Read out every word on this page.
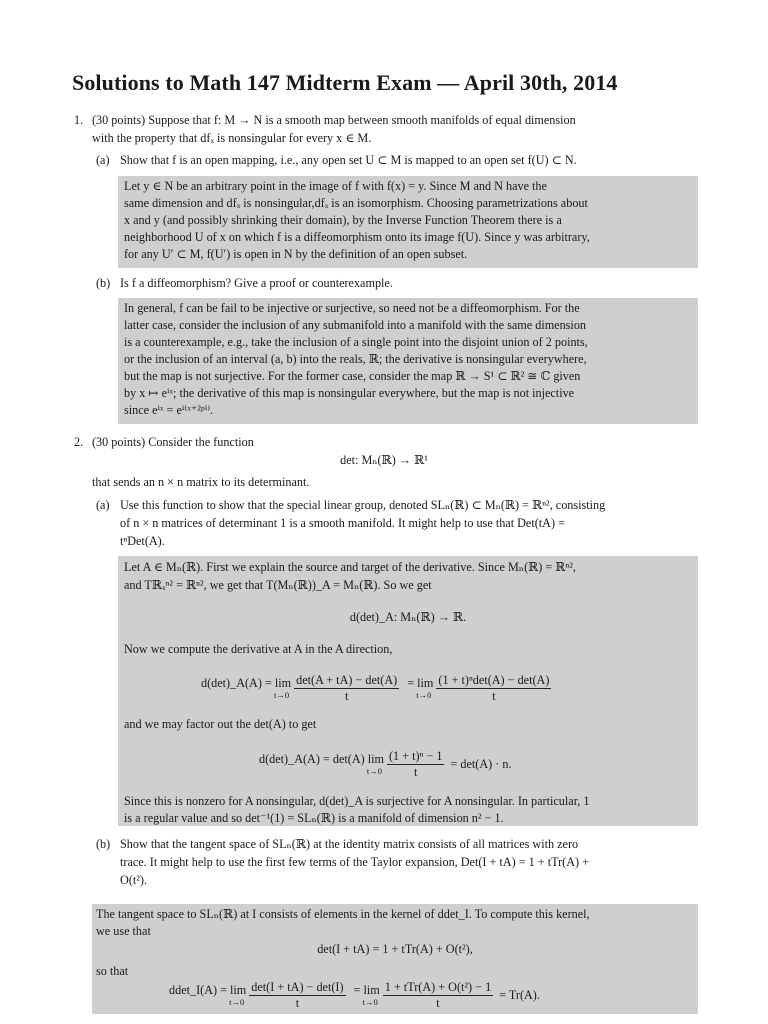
Solutions to Math 147 Midterm Exam — April 30th, 2014
1. (30 points) Suppose that f: M → N is a smooth map between smooth manifolds of equal dimension
with the property that dfₓ is nonsingular for every x ∈ M.
(a) Show that f is an open mapping, i.e., any open set U ⊂ M is mapped to an open set f(U) ⊂ N.
Let y ∈ N be an arbitrary point in the image of f with f(x) = y. Since M and N have the
same dimension and dfₓ is nonsingular,dfₓ is an isomorphism. Choosing parametrizations about
x and y (and possibly shrinking their domain), by the Inverse Function Theorem there is a
neighborhood U of x on which f is a diffeomorphism onto its image f(U). Since y was arbitrary,
for any U′ ⊂ M, f(U′) is open in N by the definition of an open subset.
(b) Is f a diffeomorphism? Give a proof or counterexample.
In general, f can be fail to be injective or surjective, so need not be a diffeomorphism. For the
latter case, consider the inclusion of any submanifold into a manifold with the same dimension
is a counterexample, e.g., take the inclusion of a single point into the disjoint union of 2 points,
or the inclusion of an interval (a, b) into the reals, ℝ; the derivative is nonsingular everywhere,
but the map is not surjective. For the former case, consider the map ℝ → S¹ ⊂ ℝ² ≅ ℂ given
by x ↦ eⁱˣ; the derivative of this map is nonsingular everywhere, but the map is not injective
since eⁱˣ = eⁱ⁽ˣ⁺²ᵖⁱ⁾.
2. (30 points) Consider the function
det: Mₙ(ℝ) → ℝ¹
that sends an n × n matrix to its determinant.
(a) Use this function to show that the special linear group, denoted SLₙ(ℝ) ⊂ Mₙ(ℝ) = ℝⁿ², consisting
of n × n matrices of determinant 1 is a smooth manifold. It might help to use that Det(tA) =
tⁿDet(A).
Let A ∈ Mₙ(ℝ). First we explain the source and target of the derivative. Since Mₙ(ℝ) = ℝⁿ²,
and Tℝₓⁿ² = ℝⁿ², we get that T(Mₙ(ℝ))_A = Mₙ(ℝ). So we get
d(det)_A: Mₙ(ℝ) → ℝ.
Now we compute the derivative at A in the A direction,
d(det)_A(A) = lim
$t\to 0 \frac{\det(A + tA) - \det(A)}{t} = \lim$
$t\to 0 \frac{\text{(1 + t)ⁿdet(A) − det(A)}}{t}$
and we may factor out the det(A) to get
d(det)_A(A) = det(A) lim
$t\to 0 \frac{\text{(1 + t)ⁿ − 1}}{t} = \det(A) \cdot n$.
Since this is nonzero for A nonsingular, d(det)_A is surjective for A nonsingular. In particular, 1
is a regular value and so det⁻¹(1) = SLₙ(ℝ) is a manifold of dimension n² − 1.
(b) Show that the tangent space of SLₙ(ℝ) at the identity matrix consists of all matrices with zero
trace. It might help to use the first few terms of the Taylor expansion, Det(I + tA) = 1 + tTr(A) +
O(t²).
The tangent space to SLₙ(ℝ) at I consists of elements in the kernel of ddet_I. To compute this kernel,
we use that
det(I + tA) = 1 + tTr(A) + O(t²),
so that
ddet_I(A) = lim
$t\to 0 \frac{\det(I + tA) - \det(I)}{t} = \lim$
$t\to 0 \frac{\text{1 + tTr(A) + O(t²) − 1}}{t} = Tr(A)$.
